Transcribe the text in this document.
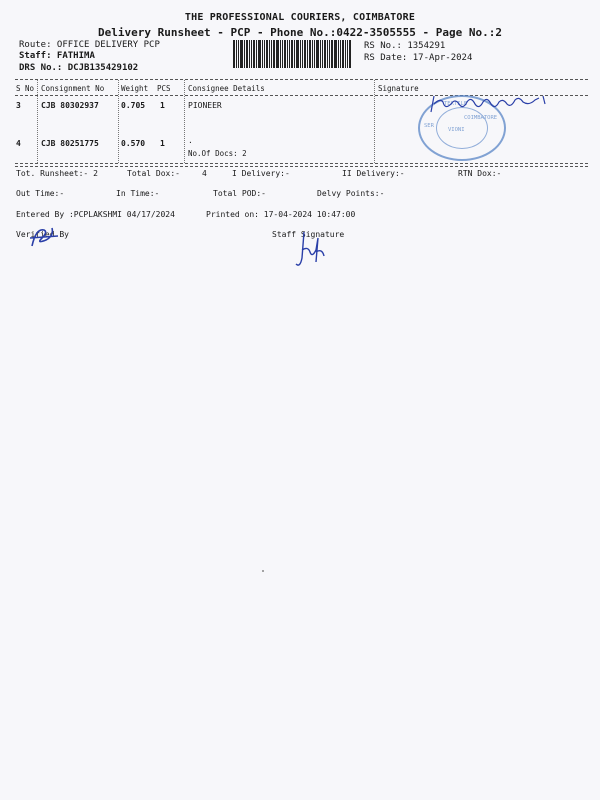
THE PROFESSIONAL COURIERS, COIMBATORE
Delivery Runsheet - PCP - Phone No.:0422-3505555 - Page No.:2
Route: OFFICE DELIVERY PCP
Staff: FATHIMA
DRS No.: DCJB135429102
RS No.: 1354291
RS Date: 17-Apr-2024
S No Consignment No Weight PCS Consignee Details	Signature
3	CJB 80302937	0.705 1	PIONEER
4	CJB 80251775	0.570 1	.
No.Of Docs: 2
TEXTILE
VIONI
COIMBATORE
SER
Tot. Runsheet:- 2	Total Dox:-	4	I Delivery:-	II Delivery:-	RTN Dox:-
Out Time:-	In Time:-	Total POD:-	Delvy Points:-
Entered By :PCPLAKSHMI 04/17/2024	Printed on: 17-04-2024 10:47:00
Verified By	Staff Signature
